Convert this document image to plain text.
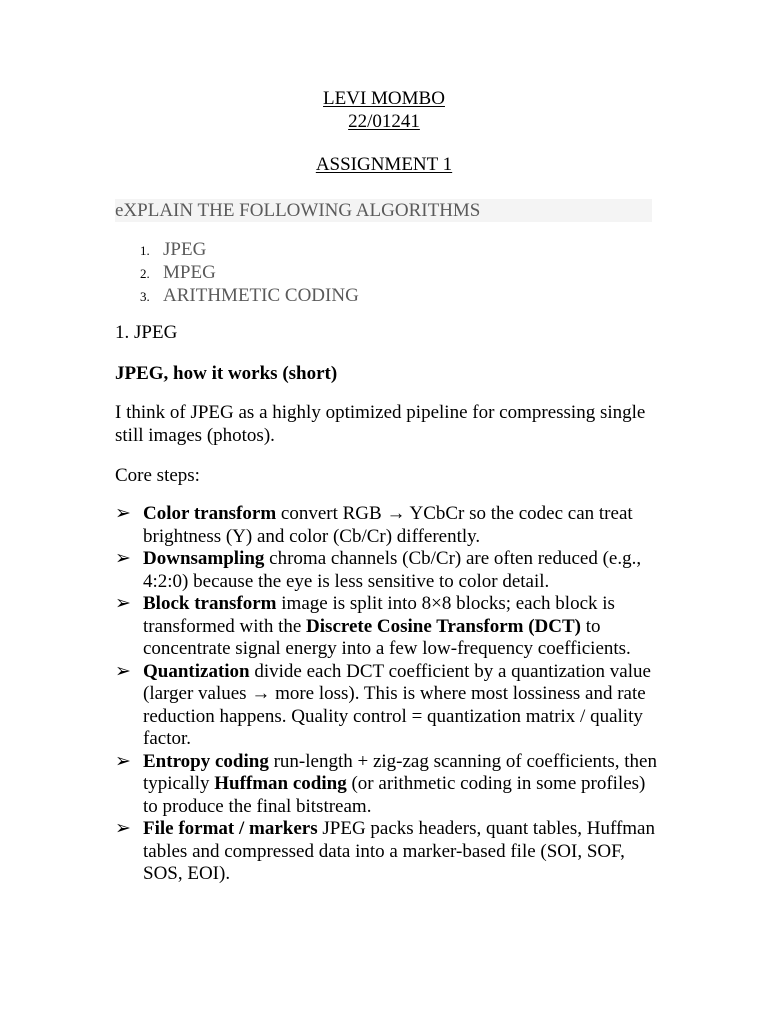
LEVI MOMBO
22/01241
ASSIGNMENT 1
eXPLAIN THE FOLLOWING ALGORITHMS
1. JPEG
2. MPEG
3. ARITHMETIC CODING
1. JPEG
JPEG, how it works (short)
I think of JPEG as a highly optimized pipeline for compressing single still images (photos).
Core steps:
➢ Color transform convert RGB → YCbCr so the codec can treat brightness (Y) and color (Cb/Cr) differently.
➢ Downsampling chroma channels (Cb/Cr) are often reduced (e.g., 4:2:0) because the eye is less sensitive to color detail.
➢ Block transform image is split into 8×8 blocks; each block is transformed with the Discrete Cosine Transform (DCT) to concentrate signal energy into a few low-frequency coefficients.
➢ Quantization divide each DCT coefficient by a quantization value (larger values → more loss). This is where most lossiness and rate reduction happens. Quality control = quantization matrix / quality factor.
➢ Entropy coding run-length + zig-zag scanning of coefficients, then typically Huffman coding (or arithmetic coding in some profiles) to produce the final bitstream.
➢ File format / markers JPEG packs headers, quant tables, Huffman tables and compressed data into a marker-based file (SOI, SOF, SOS, EOI).
